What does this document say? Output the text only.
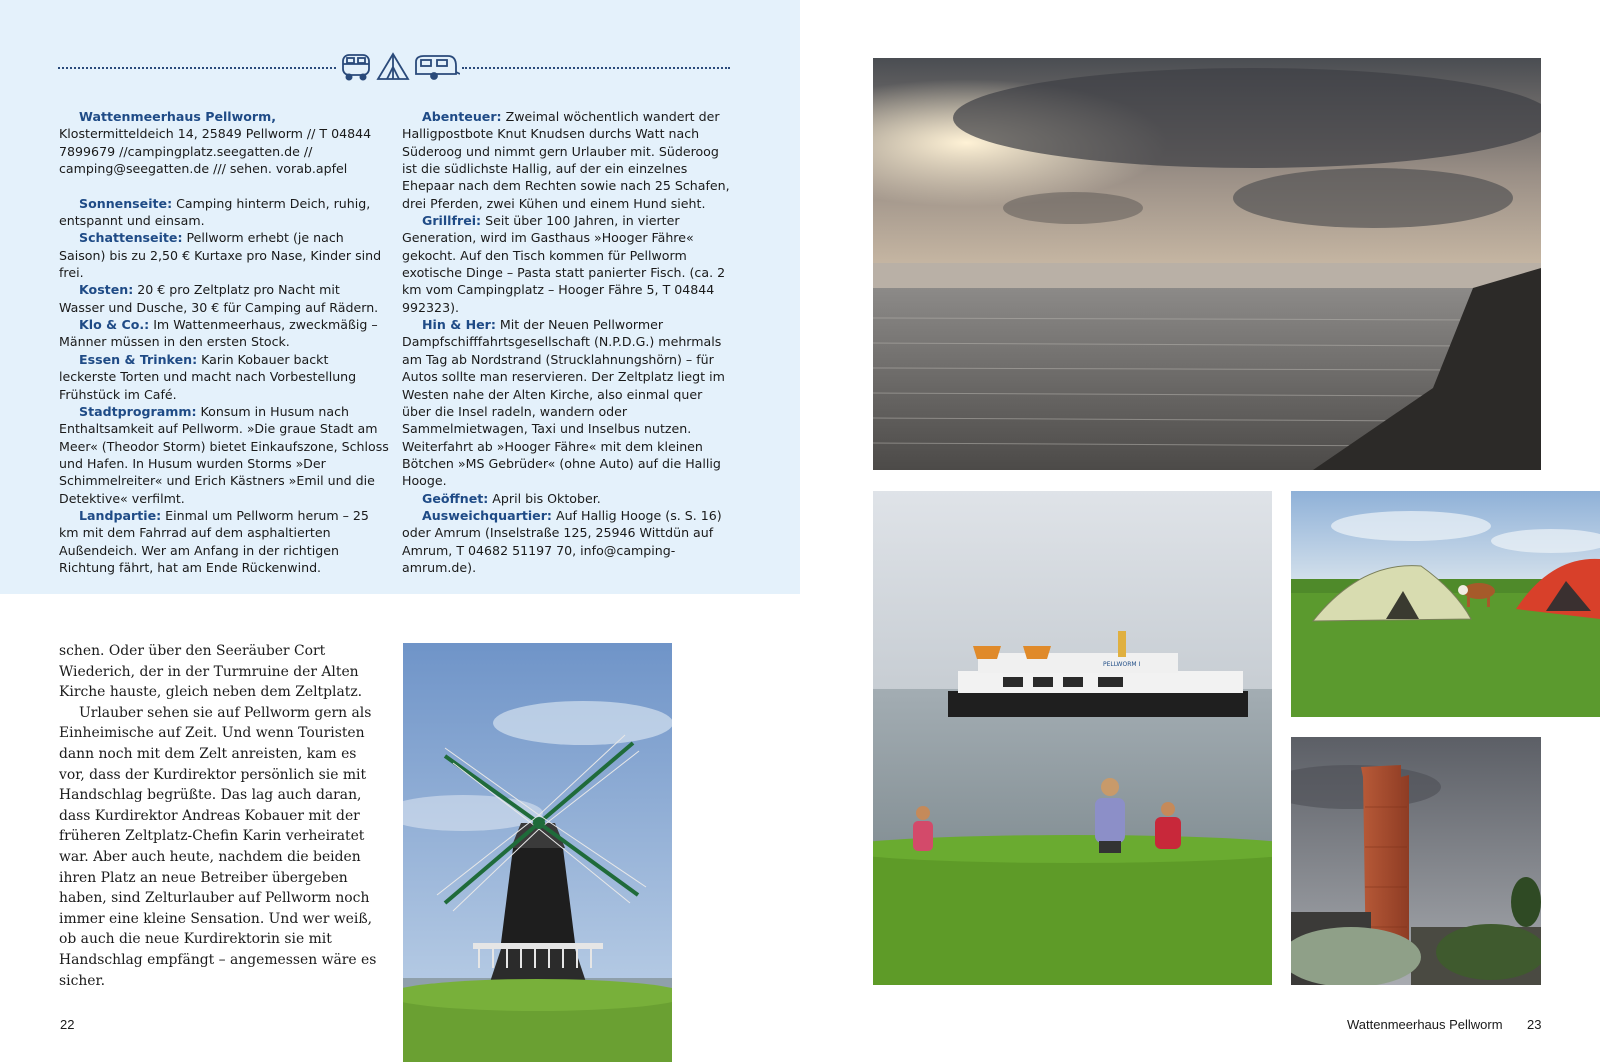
Wattenmeerhaus Pellworm, Klostermitteldeich 14, 25849 Pellworm // T 04844 7899679 //campingplatz.seegatten.de // camping@seegatten.de /// sehen. vorab.apfel

Sonnenseite: Camping hinterm Deich, ruhig, entspannt und einsam.

Schattenseite: Pellworm erhebt (je nach Saison) bis zu 2,50 € Kurtaxe pro Nase, Kinder sind frei.

Kosten: 20 € pro Zeltplatz pro Nacht mit Wasser und Dusche, 30 € für Camping auf Rädern.

Klo & Co.: Im Wattenmeerhaus, zweckmäßig – Männer müssen in den ersten Stock.

Essen & Trinken: Karin Kobauer backt leckerste Torten und macht nach Vorbestellung Frühstück im Café.

Stadtprogramm: Konsum in Husum nach Enthaltsamkeit auf Pellworm. »Die graue Stadt am Meer« (Theodor Storm) bietet Einkaufszone, Schloss und Hafen. In Husum wurden Storms »Der Schimmelreiter« und Erich Kästners »Emil und die Detektive« verfilmt.

Landpartie: Einmal um Pellworm herum – 25 km mit dem Fahrrad auf dem asphaltierten Außendeich. Wer am Anfang in der richtigen Richtung fährt, hat am Ende Rückenwind.

Abenteuer: Zweimal wöchentlich wandert der Halligpostbote Knut Knudsen durchs Watt nach Süderoog und nimmt gern Urlauber mit. Süderoog ist die südlichste Hallig, auf der ein einzelnes Ehepaar nach dem Rechten sowie nach 25 Schafen, drei Pferden, zwei Kühen und einem Hund sieht.

Grillfrei: Seit über 100 Jahren, in vierter Generation, wird im Gasthaus »Hooger Fähre« gekocht. Auf den Tisch kommen für Pellworm exotische Dinge – Pasta statt panierter Fisch. (ca. 2 km vom Campingplatz – Hooger Fähre 5, T 04844 992323).

Hin & Her: Mit der Neuen Pellwormer Dampfschifffahrtsgesellschaft (N.P.D.G.) mehrmals am Tag ab Nordstrand (Strucklahnungshörn) – für Autos sollte man reservieren. Der Zeltplatz liegt im Westen nahe der Alten Kirche, also einmal quer über die Insel radeln, wandern oder Sammelmietwagen, Taxi und Inselbus nutzen. Weiterfahrt ab »Hooger Fähre« mit dem kleinen Bötchen »MS Gebrüder« (ohne Auto) auf die Hallig Hooge.

Geöffnet: April bis Oktober.

Ausweichquartier: Auf Hallig Hooge (s. S. 16) oder Amrum (Inselstraße 125, 25946 Wittdün auf Amrum, T 04682 51197 70, info@camping-amrum.de).

schen. Oder über den Seeräuber Cort Wiederich, der in der Turmruine der Alten Kirche hauste, gleich neben dem Zeltplatz.

Urlauber sehen sie auf Pellworm gern als Einheimische auf Zeit. Und wenn Touristen dann noch mit dem Zelt anreisten, kam es vor, dass der Kurdirektor persönlich sie mit Handschlag begrüßte. Das lag auch daran, dass Kurdirektor Andreas Kobauer mit der früheren Zeltplatz-Chefin Karin verheiratet war. Aber auch heute, nachdem die beiden ihren Platz an neue Betreiber übergeben haben, sind Zelturlauber auf Pellworm noch immer eine kleine Sensation. Und wer weiß, ob auch die neue Kurdirektorin sie mit Handschlag empfängt – angemessen wäre es sicher.

PELLWORM I
22	Wattenmeerhaus Pellworm 23
